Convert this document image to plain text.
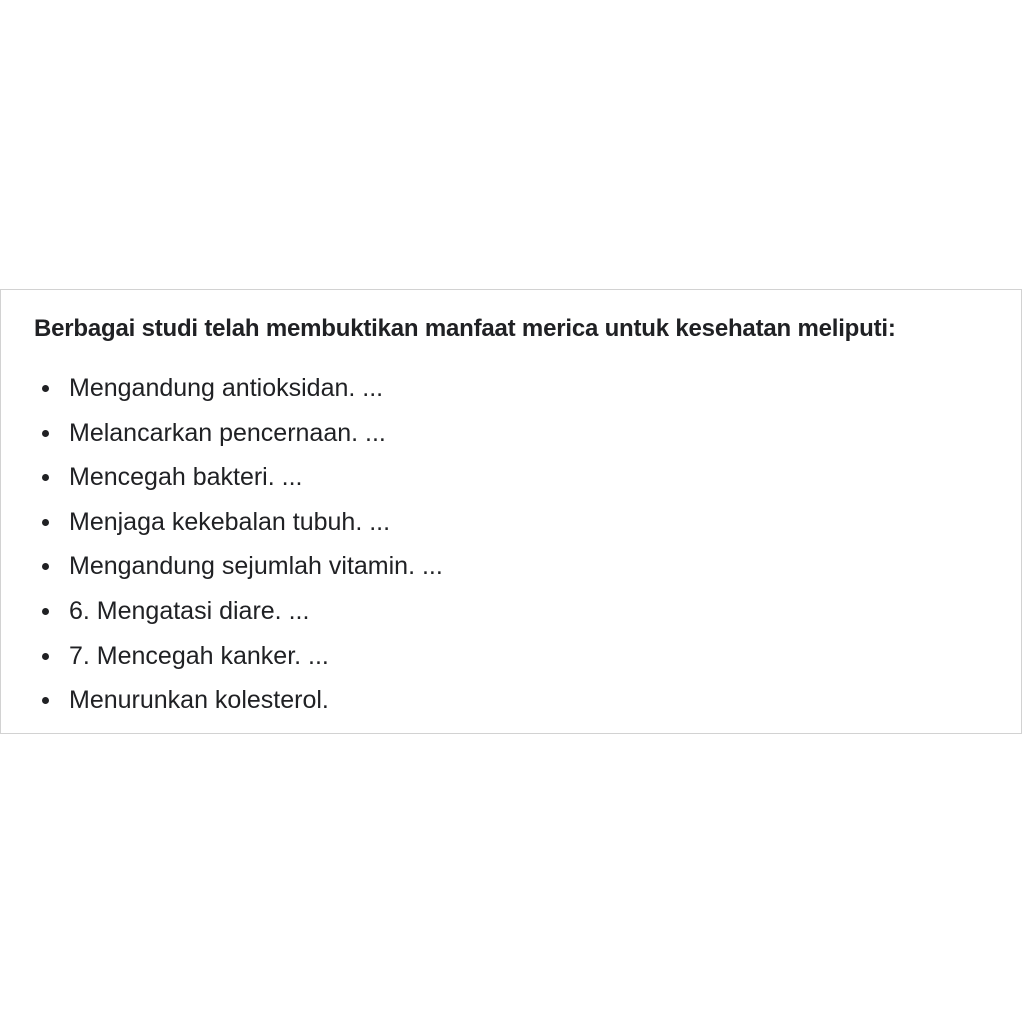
Berbagai studi telah membuktikan manfaat merica untuk kesehatan meliputi:
Mengandung antioksidan. ...
Melancarkan pencernaan. ...
Mencegah bakteri. ...
Menjaga kekebalan tubuh. ...
Mengandung sejumlah vitamin. ...
6. Mengatasi diare. ...
7. Mencegah kanker. ...
Menurunkan kolesterol.
